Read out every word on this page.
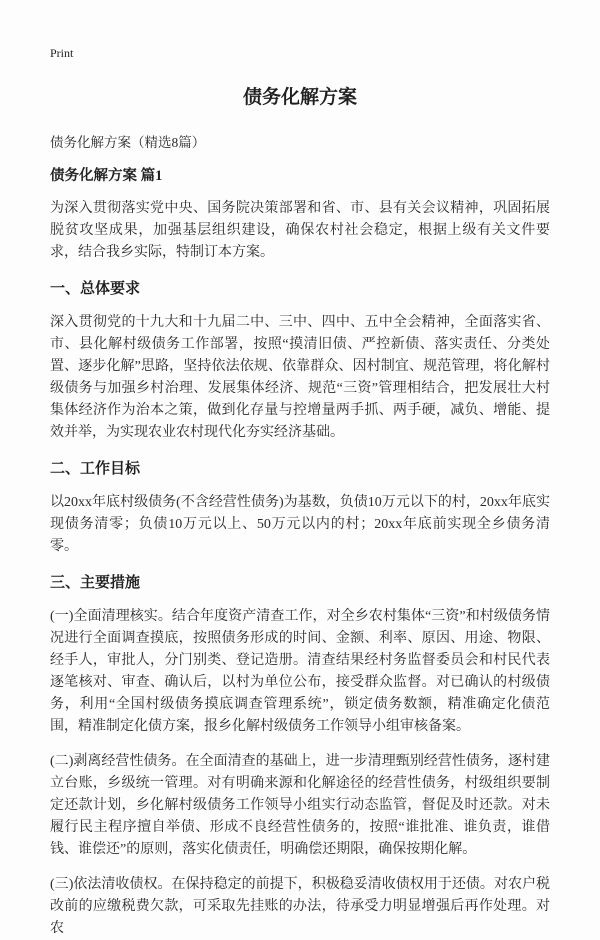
Print
债务化解方案

债务化解方案（精选8篇）

债务化解方案 篇1

为深入贯彻落实党中央、国务院决策部署和省、市、县有关会议精神，巩固拓展脱贫攻坚成果，加强基层组织建设，确保农村社会稳定，根据上级有关文件要求，结合我乡实际，特制订本方案。

一、总体要求

深入贯彻党的十九大和十九届二中、三中、四中、五中全会精神，全面落实省、市、县化解村级债务工作部署，按照“摸清旧债、严控新债、落实责任、分类处置、逐步化解”思路，坚持依法依规、依靠群众、因村制宜、规范管理，将化解村级债务与加强乡村治理、发展集体经济、规范“三资”管理相结合，把发展壮大村集体经济作为治本之策，做到化存量与控增量两手抓、两手硬，减负、增能、提效并举，为实现农业农村现代化夯实经济基础。

二、工作目标

以20xx年底村级债务(不含经营性债务)为基数，负债10万元以下的村，20xx年底实现债务清零；负债10万元以上、50万元以内的村；20xx年底前实现全乡债务清零。

三、主要措施

(一)全面清理核实。结合年度资产清查工作，对全乡农村集体“三资”和村级债务情况进行全面调查摸底，按照债务形成的时间、金额、利率、原因、用途、物限、经手人，审批人，分门别类、登记造册。清查结果经村务监督委员会和村民代表逐笔核对、审查、确认后，以村为单位公布，接受群众监督。对已确认的村级债务，利用“全国村级债务摸底调查管理系统”，锁定债务数额，精准确定化债范围，精准制定化债方案，报乡化解村级债务工作领导小组审核备案。

(二)剥离经营性债务。在全面清查的基础上，进一步清理甄别经营性债务，逐村建立台账，乡级统一管理。对有明确来源和化解途径的经营性债务，村级组织要制定还款计划，乡化解村级债务工作领导小组实行动态监管，督促及时还款。对未履行民主程序擅自举债、形成不良经营性债务的，按照“谁批准、谁负责，谁借钱、谁偿还”的原则，落实化债责任，明确偿还期限，确保按期化解。

(三)依法清收债权。在保持稳定的前提下，积极稳妥清收债权用于还债。对农户税改前的应缴税费欠款，可采取先挂账的办法，待承受力明显增强后再作处理。对农
